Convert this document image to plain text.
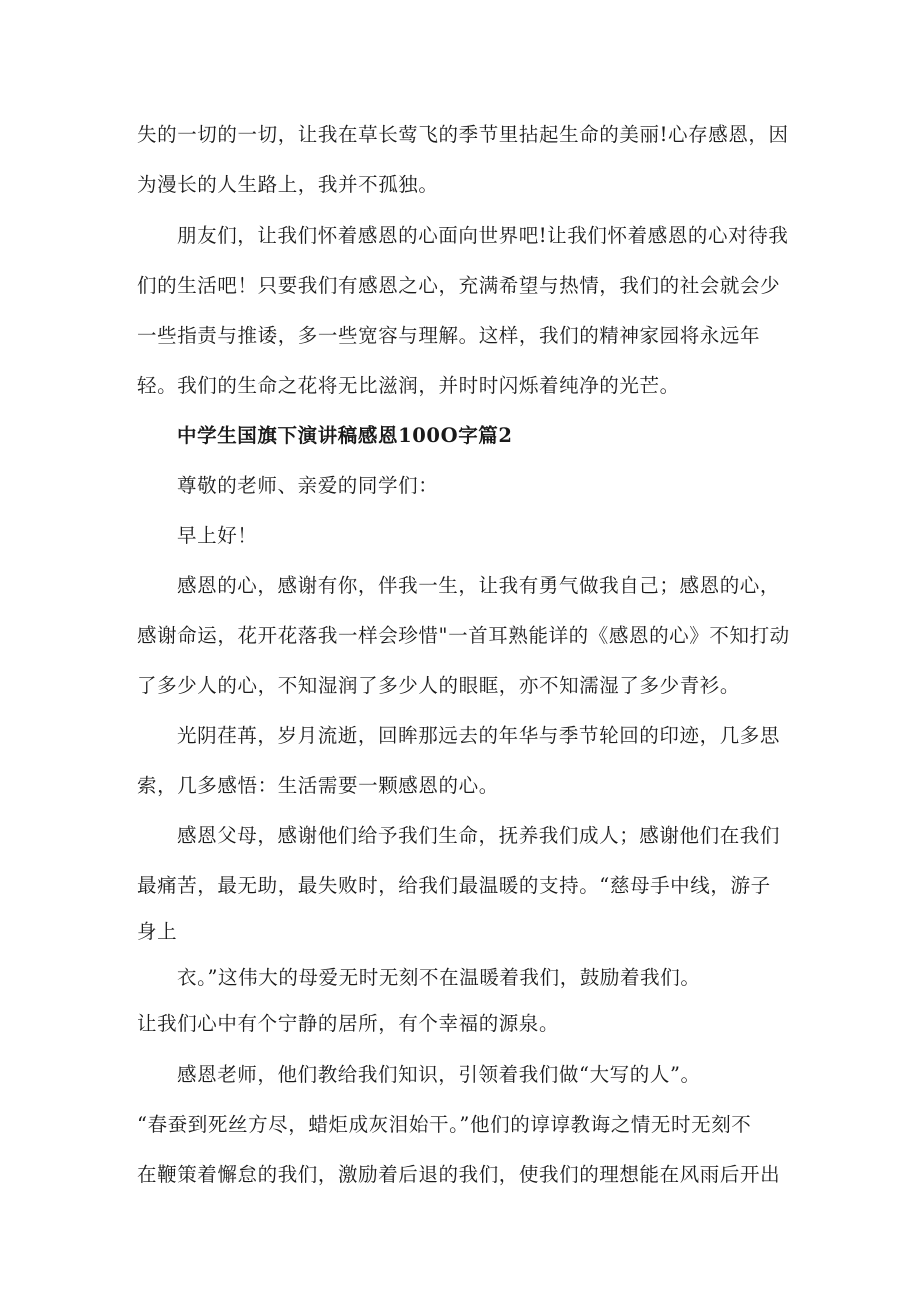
失的一切的一切，让我在草长莺飞的季节里拈起生命的美丽!心存感恩，因
为漫长的人生路上，我并不孤独。
朋友们，让我们怀着感恩的心面向世界吧!让我们怀着感恩的心对待我
们的生活吧！只要我们有感恩之心，充满希望与热情，我们的社会就会少
一些指责与推诿，多一些宽容与理解。这样，我们的精神家园将永远年
轻。我们的生命之花将无比滋润，并时时闪烁着纯净的光芒。
中学生国旗下演讲稿感恩100O字篇2
尊敬的老师、亲爱的同学们：
早上好！
感恩的心，感谢有你，伴我一生，让我有勇气做我自己；感恩的心，
感谢命运，花开花落我一样会珍惜"一首耳熟能详的《感恩的心》不知打动
了多少人的心，不知湿润了多少人的眼眶，亦不知濡湿了多少青衫。
光阴荏苒，岁月流逝，回眸那远去的年华与季节轮回的印迹，几多思
索，几多感悟：生活需要一颗感恩的心。
感恩父母，感谢他们给予我们生命，抚养我们成人；感谢他们在我们
最痛苦，最无助，最失败时，给我们最温暖的支持。“慈母手中线，游子
身上
衣。”这伟大的母爱无时无刻不在温暖着我们，鼓励着我们。
让我们心中有个宁静的居所，有个幸福的源泉。
感恩老师，他们教给我们知识，引领着我们做“大写的人”。
“春蚕到死丝方尽，蜡炬成灰泪始干。”他们的谆谆教诲之情无时无刻不
在鞭策着懈怠的我们，激励着后退的我们，使我们的理想能在风雨后开出
